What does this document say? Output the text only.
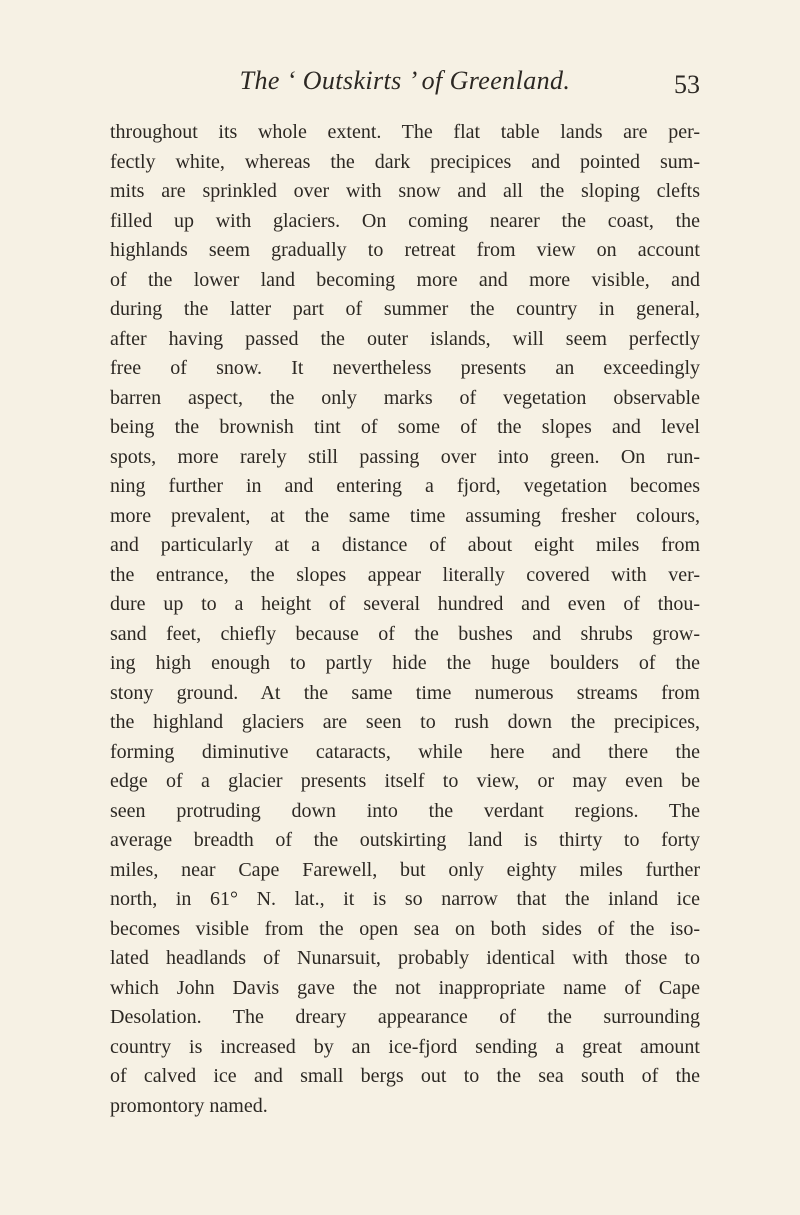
The ‘ Outskirts ’ of Greenland.	53
throughout its whole extent. The flat table lands are per-
fectly white, whereas the dark precipices and pointed sum-
mits are sprinkled over with snow and all the sloping clefts
filled up with glaciers. On coming nearer the coast, the
highlands seem gradually to retreat from view on account
of the lower land becoming more and more visible, and
during the latter part of summer the country in general,
after having passed the outer islands, will seem perfectly
free of snow. It nevertheless presents an exceedingly
barren aspect, the only marks of vegetation observable
being the brownish tint of some of the slopes and level
spots, more rarely still passing over into green. On run-
ning further in and entering a fjord, vegetation becomes
more prevalent, at the same time assuming fresher colours,
and particularly at a distance of about eight miles from
the entrance, the slopes appear literally covered with ver-
dure up to a height of several hundred and even of thou-
sand feet, chiefly because of the bushes and shrubs grow-
ing high enough to partly hide the huge boulders of the
stony ground. At the same time numerous streams from
the highland glaciers are seen to rush down the precipices,
forming diminutive cataracts, while here and there the
edge of a glacier presents itself to view, or may even be
seen protruding down into the verdant regions. The
average breadth of the outskirting land is thirty to forty
miles, near Cape Farewell, but only eighty miles further
north, in 61° N. lat., it is so narrow that the inland ice
becomes visible from the open sea on both sides of the iso-
lated headlands of Nunarsuit, probably identical with those to
which John Davis gave the not inappropriate name of Cape
Desolation. The dreary appearance of the surrounding
country is increased by an ice-fjord sending a great amount
of calved ice and small bergs out to the sea south of the
promontory named.
